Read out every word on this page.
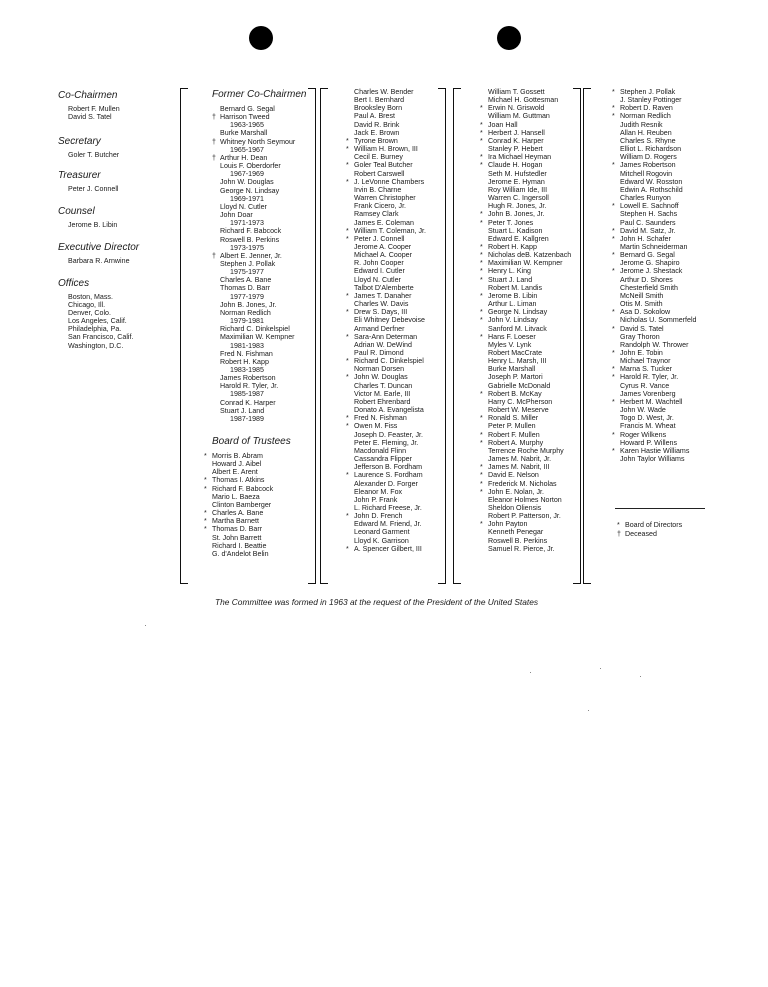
Co-Chairmen
Robert F. Mullen
David S. Tatel
Secretary
Goler T. Butcher
Treasurer
Peter J. Connell
Counsel
Jerome B. Libin
Executive Director
Barbara R. Arnwine
Offices
Boston, Mass.
Chicago, Ill.
Denver, Colo.
Los Angeles, Calif.
Philadelphia, Pa.
San Francisco, Calif.
Washington, D.C.
Former Co-Chairmen
Bernard G. Segal
† Harrison Tweed
1963-1965
Burke Marshall
† Whitney North Seymour
1965-1967
† Arthur H. Dean
Louis F. Oberdorfer
1967-1969
John W. Douglas
George N. Lindsay
1969-1971
Lloyd N. Cutler
John Doar
1971-1973
Richard F. Babcock
Roswell B. Perkins
1973-1975
† Albert E. Jenner, Jr.
Stephen J. Pollak
1975-1977
Charles A. Bane
Thomas D. Barr
1977-1979
John B. Jones, Jr.
Norman Redlich
1979-1981
Richard C. Dinkelspiel
Maximilian W. Kempner
1981-1983
Fred N. Fishman
Robert H. Kapp
1983-1985
James Robertson
Harold R. Tyler, Jr.
1985-1987
Conrad K. Harper
Stuart J. Land
1987-1989
Board of Trustees
* Morris B. Abram
Howard J. Aibel
Albert E. Arent
* Thomas I. Atkins
* Richard F. Babcock
Mario L. Baeza
Clinton Bamberger
* Charles A. Bane
* Martha Barnett
* Thomas D. Barr
St. John Barrett
Richard I. Beattie
G. d'Andelot Belin
Charles W. Bender
Bert I. Bernhard
Brooksley Born
Paul A. Brest
David R. Brink
Jack E. Brown
* Tyrone Brown
* William H. Brown, III
Cecil E. Burney
* Goler Teal Butcher
Robert Carswell
* J. LeVonne Chambers
Irvin B. Charne
Warren Christopher
Frank Cicero, Jr.
Ramsey Clark
James E. Coleman
* William T. Coleman, Jr.
* Peter J. Connell
Jerome A. Cooper
Michael A. Cooper
R. John Cooper
Edward I. Cutler
Lloyd N. Cutler
Talbot D'Alemberte
* James T. Danaher
Charles W. Davis
* Drew S. Days, III
Eli Whitney Debevoise
Armand Derfner
* Sara-Ann Determan
Adrian W. DeWind
Paul R. Dimond
* Richard C. Dinkelspiel
Norman Dorsen
* John W. Douglas
Charles T. Duncan
Victor M. Earle, III
Robert Ehrenbard
Donato A. Evangelista
* Fred N. Fishman
* Owen M. Fiss
Joseph D. Feaster, Jr.
Peter E. Fleming, Jr.
Macdonald Flinn
Cassandra Flipper
Jefferson B. Fordham
* Laurence S. Fordham
Alexander D. Forger
Eleanor M. Fox
John P. Frank
L. Richard Freese, Jr.
* John D. French
Edward M. Friend, Jr.
Leonard Garment
Lloyd K. Garrison
* A. Spencer Gilbert, III
William T. Gossett
Michael H. Gottesman
* Erwin N. Griswold
William M. Guttman
* Joan Hall
* Herbert J. Hansell
* Conrad K. Harper
Stanley P. Hebert
* Ira Michael Heyman
* Claude H. Hogan
Seth M. Hufstedler
Jerome E. Hyman
Roy William Ide, III
Warren C. Ingersoll
Hugh R. Jones, Jr.
* John B. Jones, Jr.
* Peter T. Jones
Stuart L. Kadison
Edward E. Kallgren
* Robert H. Kapp
* Nicholas deB. Katzenbach
* Maximilian W. Kempner
* Henry L. King
* Stuart J. Land
Robert M. Landis
* Jerome B. Libin
Arthur L. Liman
* George N. Lindsay
* John V. Lindsay
Sanford M. Litvack
* Hans F. Loeser
Myles V. Lynk
Robert MacCrate
Henry L. Marsh, III
Burke Marshall
Joseph P. Martori
Gabrielle McDonald
* Robert B. McKay
Harry C. McPherson
Robert W. Meserve
* Ronald S. Miller
Peter P. Mullen
* Robert F. Mullen
* Robert A. Murphy
Terrence Roche Murphy
James M. Nabrit, Jr.
* James M. Nabrit, III
* David E. Nelson
* Frederick M. Nicholas
* John E. Nolan, Jr.
Eleanor Holmes Norton
Sheldon Oliensis
Robert P. Patterson, Jr.
* John Payton
Kenneth Penegar
Roswell B. Perkins
Samuel R. Pierce, Jr.
* Stephen J. Pollak
J. Stanley Pottinger
* Robert D. Raven
* Norman Redlich
Judith Resnik
Allan H. Reuben
Charles S. Rhyne
Elliot L. Richardson
William D. Rogers
* James Robertson
Mitchell Rogovin
Edward W. Rosston
Edwin A. Rothschild
Charles Runyon
* Lowell E. Sachnoff
Stephen H. Sachs
Paul C. Saunders
* David M. Satz, Jr.
* John H. Schafer
Martin Schneiderman
* Bernard G. Segal
Jerome G. Shapiro
* Jerome J. Shestack
Arthur D. Shores
Chesterfield Smith
McNeill Smith
Otis M. Smith
* Asa D. Sokolow
Nicholas U. Sommerfeld
* David S. Tatel
Gray Thoron
Randolph W. Thrower
* John E. Tobin
Michael Traynor
* Marna S. Tucker
* Harold R. Tyler, Jr.
Cyrus R. Vance
James Vorenberg
* Herbert M. Wachtell
John W. Wade
Togo D. West, Jr.
Francis M. Wheat
* Roger Wilkens
Howard P. Willens
* Karen Hastie Williams
John Taylor Williams
* Board of Directors
† Deceased
The Committee was formed in 1963 at the request of the President of the United States
